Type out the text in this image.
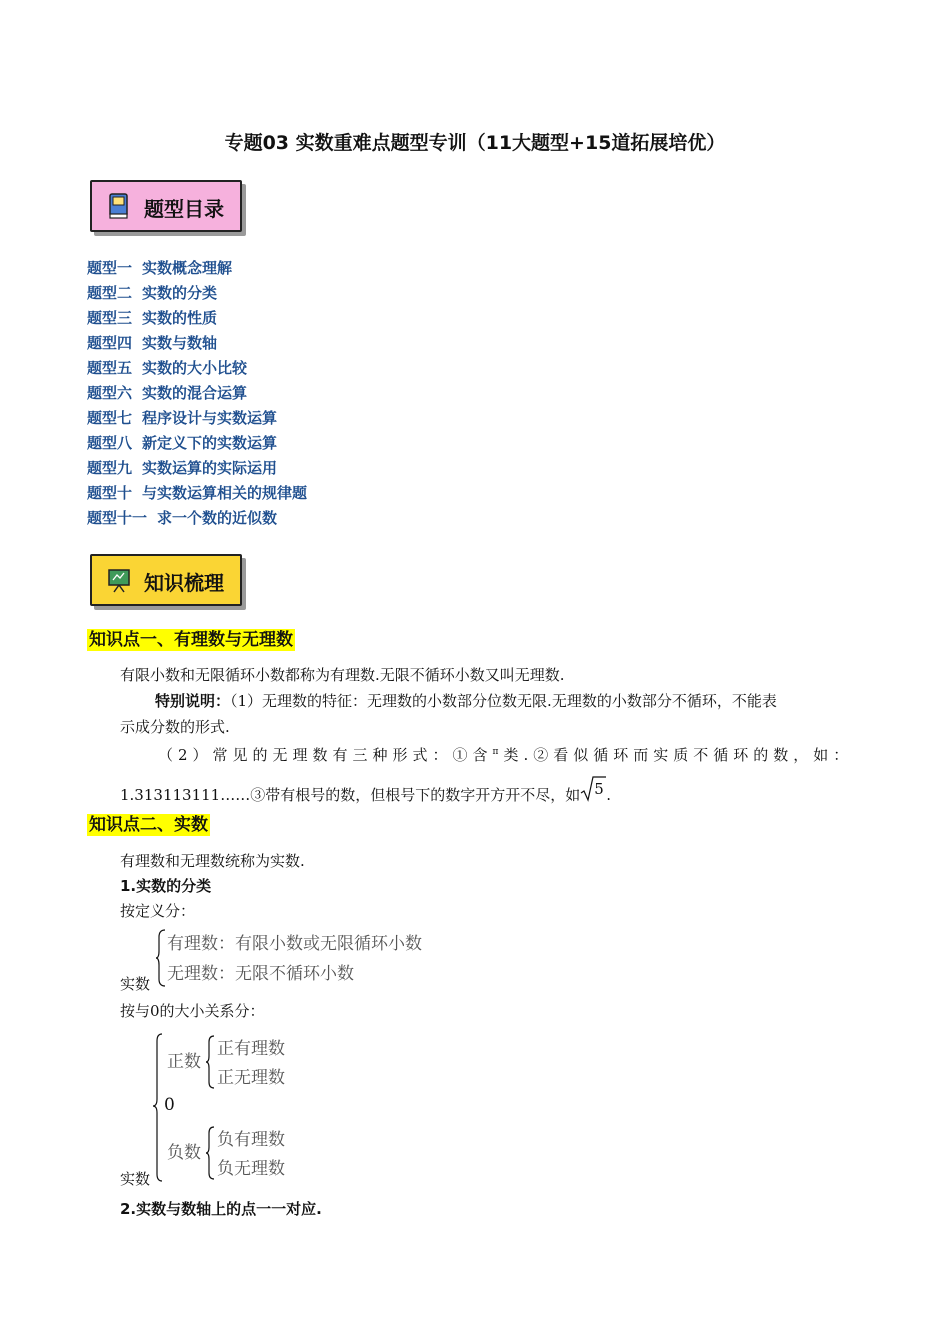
专题03 实数重难点题型专训（11大题型+15道拓展培优）
题型目录
题型一 实数概念理解
题型二 实数的分类
题型三 实数的性质
题型四 实数与数轴
题型五 实数的大小比较
题型六 实数的混合运算
题型七 程序设计与实数运算
题型八 新定义下的实数运算
题型九 实数运算的实际运用
题型十 与实数运算相关的规律题
题型十一 求一个数的近似数
知识梳理
知识点一、有理数与无理数
有限小数和无限循环小数都称为有理数.无限不循环小数又叫无理数.
特别说明：（1）无理数的特征：无理数的小数部分位数无限.无理数的小数部分不循环，不能表
示成分数的形式.
（2）常见的无理数有三种形式：①含$^\pi$类.②看似循环而实质不循环的数，如：
1.313113111……③带有根号的数，但根号下的数字开方开不尽，如 5 .
知识点二、实数
有理数和无理数统称为实数.
1.实数的分类
按定义分：
有理数：有限小数或无限循环小数
无理数：无限不循环小数
实数
按与0的大小关系分：
正数
正有理数
正无理数
0
负数
负有理数
负无理数
实数
2.实数与数轴上的点一一对应.
